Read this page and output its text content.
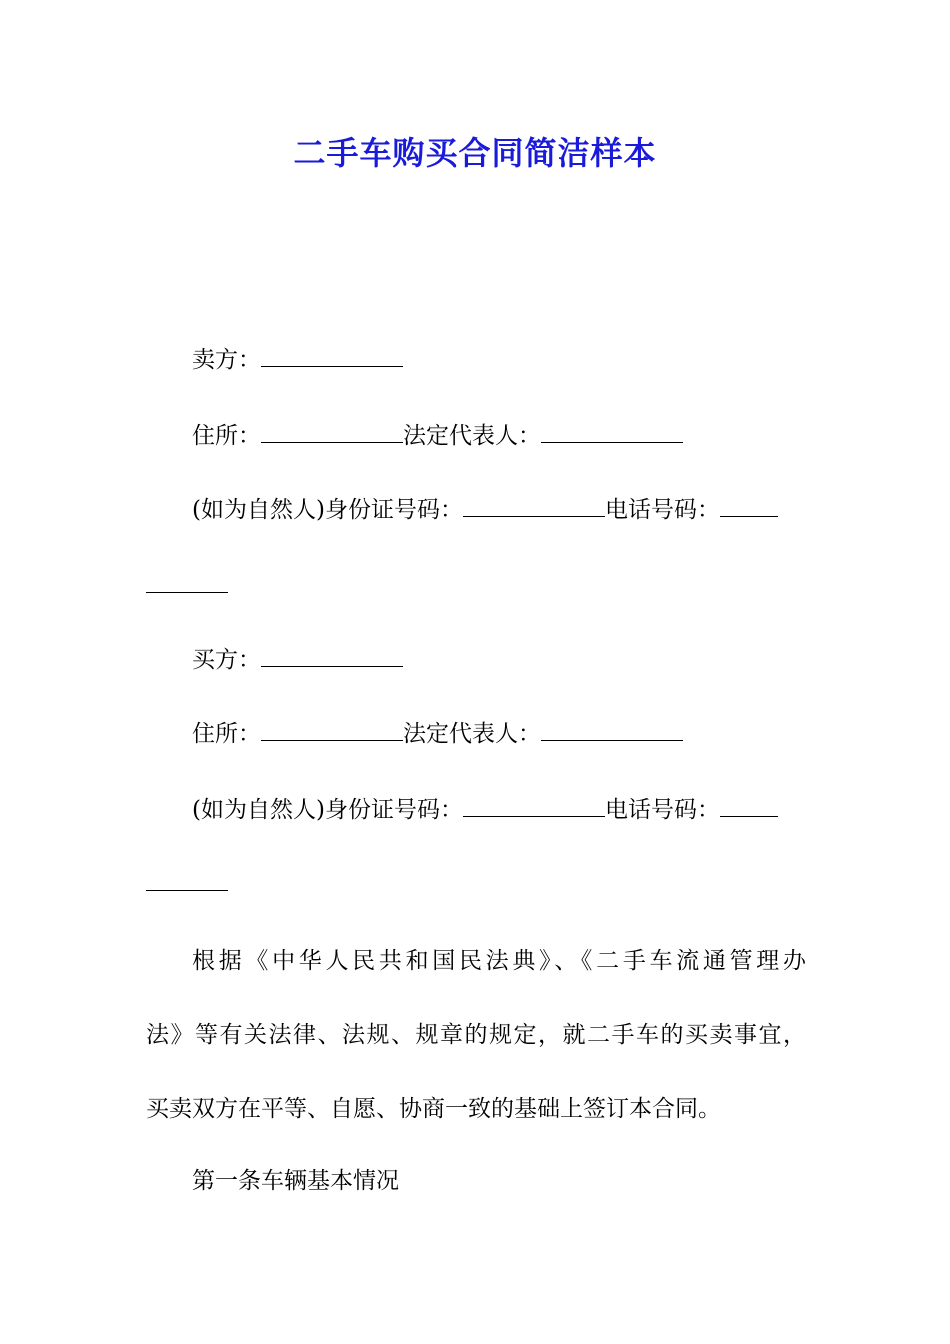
二手车购买合同简洁样本

卖方：

住所：	法定代表人：

(如为自然人)身份证号码：	电话号码：

买方：

住所：	法定代表人：

(如为自然人)身份证号码：	电话号码：

根据《中华人民共和国民法典》、《二手车流通管理办
法》等有关法律、法规、规章的规定，就二手车的买卖事宜，
买卖双方在平等、自愿、协商一致的基础上签订本合同。

第一条车辆基本情况
